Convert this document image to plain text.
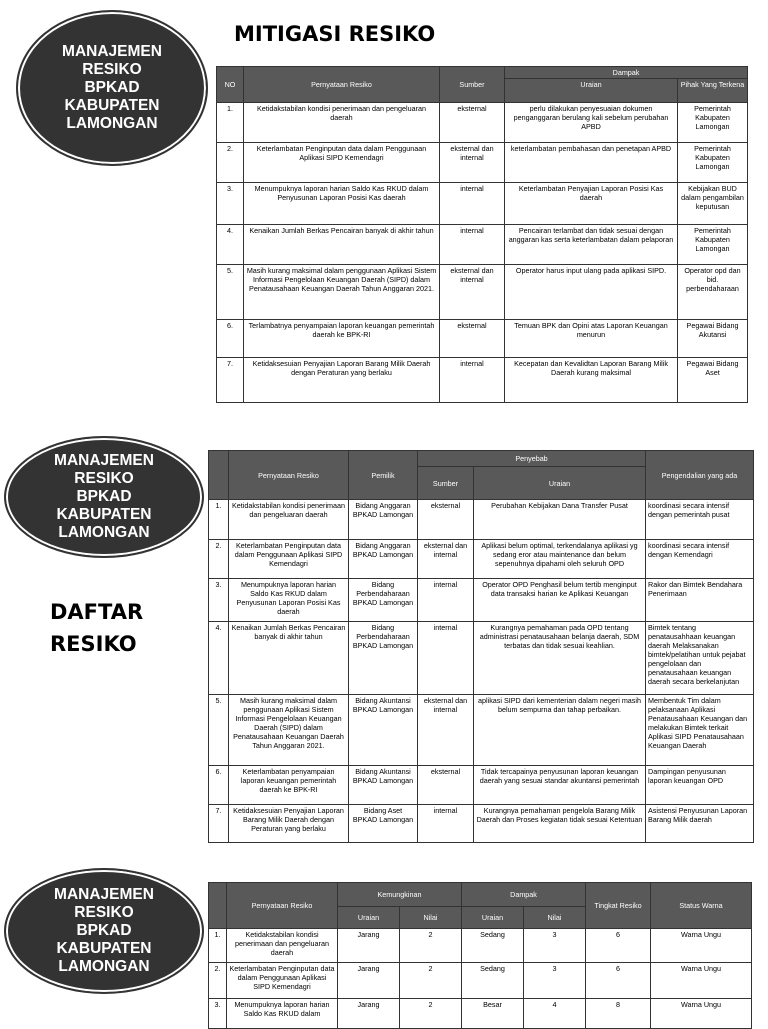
MANAJEMEN
RESIKO
BPKAD
KABUPATEN
LAMONGAN
MITIGASI RESIKO
NO	Pernyataan Resiko	Sumber	Dampak	
			Uraian	Pihak Yang Terkena
1.	Ketidakstabilan kondisi penerimaan dan pengeluaran daerah	eksternal	perlu dilakukan penyesuaian dokumen penganggaran berulang kali sebelum perubahan APBD	Pemerintah Kabupaten Lamongan
2.	Keterlambatan Penginputan data dalam Penggunaan Aplikasi SIPD Kemendagri	eksternal dan internal	keterlambatan pembahasan dan penetapan APBD	Pemerintah Kabupaten Lamongan
3.	Menumpuknya laporan harian Saldo Kas RKUD dalam Penyusunan Laporan Posisi Kas daerah	internal	Keterlambatan Penyajian Laporan Posisi Kas daerah	Kebijakan BUD dalam pengambilan keputusan
4.	Kenaikan Jumlah Berkas Pencairan banyak di akhir tahun	internal	Pencairan terlambat dan tidak sesuai dengan anggaran kas serta keterlambatan dalam pelaporan	Pemerintah Kabupaten Lamongan
5.	Masih kurang maksimal dalam penggunaan Aplikasi Sistem Informasi Pengelolaan Keuangan Daerah (SIPD) dalam Penatausahaan Keuangan Daerah Tahun Anggaran 2021.	eksternal dan internal	Operator harus input ulang pada aplikasi SIPD.	Operator opd dan bid. perbendaharaan
6.	Terlambatnya penyampaian laporan keuangan pemerintah daerah ke BPK-RI	eksternal	Temuan BPK dan Opini atas Laporan Keuangan menurun	Pegawai Bidang Akutansi
7.	Ketidaksesuian Penyajian Laporan Barang Milik Daerah dengan Peraturan yang berlaku	internal	Kecepatan dan Kevalidtan Laporan Barang Milik Daerah kurang maksimal	Pegawai Bidang Aset
MANAJEMEN
RESIKO
BPKAD
KABUPATEN
LAMONGAN
DAFTAR
RESIKO
	Pernyataan Resiko	Pemilik	Penyebab		Pengendalian yang ada
			Sumber	Uraian	
1.	Ketidakstabilan kondisi penerimaan dan pengeluaran daerah	Bidang Anggaran BPKAD Lamongan	eksternal	Perubahan Kebijakan Dana Transfer Pusat	koordinasi secara intensif dengan pemerintah pusat
2.	Keterlambatan Penginputan data dalam Penggunaan Aplikasi SIPD Kemendagri	Bidang Anggaran BPKAD Lamongan	eksternal dan internal	Aplikasi belum optimal, terkendalanya aplikasi yg sedang eror atau maintenance dan belum sepenuhnya dipahami oleh seluruh OPD	koordinasi secara intensif dengan Kemendagri
3.	Menumpuknya laporan harian Saldo Kas RKUD dalam Penyusunan Laporan Posisi Kas daerah	Bidang Perbendaharaan BPKAD Lamongan	internal	Operator OPD Penghasil belum tertib menginput data transaksi harian ke Aplikasi Keuangan	Rakor dan Bimtek Bendahara Penerimaan
4.	Kenaikan Jumlah Berkas Pencairan banyak di akhir tahun	Bidang Perbendaharaan BPKAD Lamongan	internal	Kurangnya pemahaman pada OPD tentang administrasi penatausahaan belanja daerah, SDM terbatas dan tidak sesuai keahlian.	Bimtek tentang penatausahhaan keuangan daerah Melaksanakan bimtek/pelatihan untuk pejabat pengelolaan dan penatausahaan keuangan daerah secara berkelanjutan
5.	Masih kurang maksimal dalam penggunaan Aplikasi Sistem Informasi Pengelolaan Keuangan Daerah (SIPD) dalam Penatausahaan Keuangan Daerah Tahun Anggaran 2021.	Bidang Akuntansi BPKAD Lamongan	eksternal dan internal	aplikasi SIPD dari kementerian dalam negeri masih belum sempurna dan tahap perbaikan.	Membentuk Tim dalam pelaksanaan Aplikasi Penatausahaan Keuangan dan melakukan Bimtek terkait Aplikasi SIPD Penatausahaan Keuangan Daerah
6.	Keterlambatan penyampaian laporan keuangan pemerintah daerah ke BPK-RI	Bidang Akuntansi BPKAD Lamongan	eksternal	Tidak tercapainya penyusunan laporan keuangan daerah yang sesuai standar akuntansi pemerintah	Dampingan penyusunan laporan keuangan OPD
7.	Ketidaksesuian Penyajian Laporan Barang Milik Daerah dengan Peraturan yang berlaku	Bidang Aset BPKAD Lamongan	internal	Kurangnya pemahaman pengelola Barang Milik Daerah dan Proses kegiatan tidak sesuai Ketentuan	Asistensi Penyusunan Laporan Barang Milik daerah
MANAJEMEN
RESIKO
BPKAD
KABUPATEN
LAMONGAN
	Pernyataan Resiko	Kemungkinan		Dampak		Tingkat Resiko	Status Warna
		Uraian	Nilai	Uraian	Nilai		
1.	Ketidakstabilan kondisi penerimaan dan pengeluaran daerah	Jarang	2	Sedang	3	6	Warna Ungu
2.	Keterlambatan Penginputan data dalam Penggunaan Aplikasi SIPD Kemendagri	Jarang	2	Sedang	3	6	Warna Ungu
3.	Menumpuknya laporan harian Saldo Kas RKUD dalam	Jarang	2	Besar	4	8	Warna Ungu
